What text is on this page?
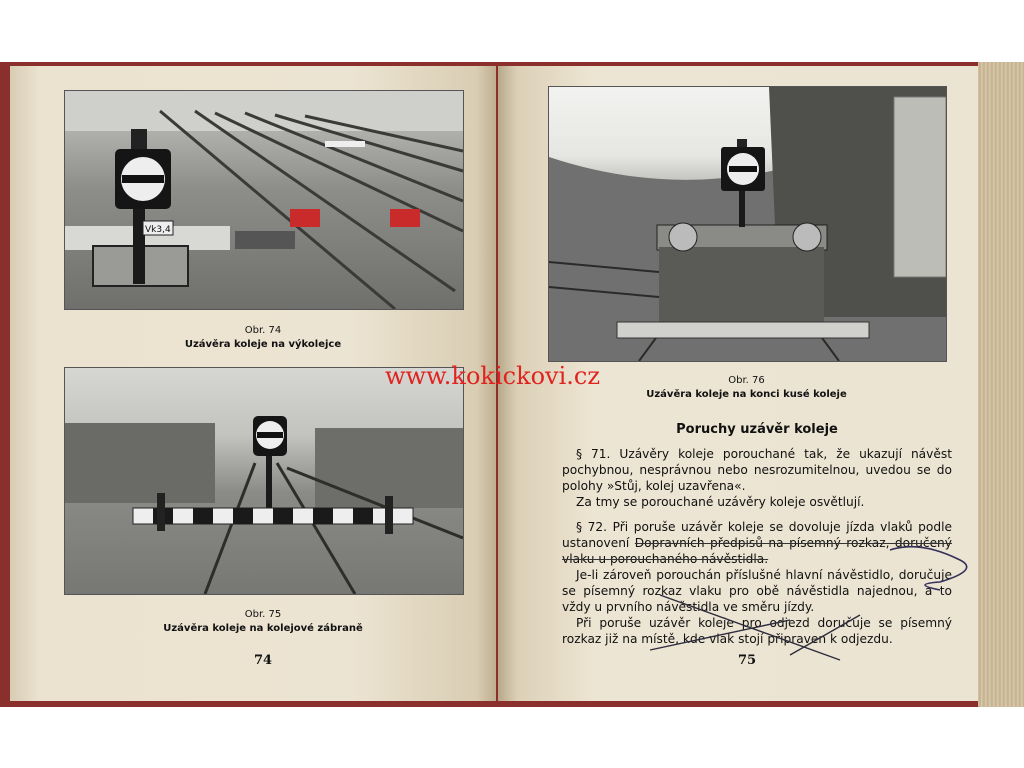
Vk3,4
Obr. 74
Uzávěra koleje na výkolejce
Obr. 75
Uzávěra koleje na kolejové zábraně
74
Obr. 76
Uzávěra koleje na konci kusé koleje
Poruchy uzávěr koleje

§ 71. Uzávěry koleje porouchané tak, že ukazují návěst pochybnou, nesprávnou nebo nesrozumitelnou, uvedou se do polohy »Stůj, kolej uzavřena«.

Za tmy se porouchané uzávěry koleje osvětlují.

§ 72. Při poruše uzávěr koleje se dovoluje jízda vlaků podle ustanovení Dopravních předpisů na písemný rozkaz, doručený vlaku u porouchaného návěstidla.

Je-li zároveň porouchán příslušné hlavní návěstidlo, doručuje se písemný rozkaz vlaku pro obě návěstidla najednou, a to vždy u prvního návěstidla ve směru jízdy.

Při poruše uzávěr koleje pro odjezd doručuje se písemný rozkaz již na místě, kde vlak stojí připraven k odjezdu.

75
www.kokickovi.cz
